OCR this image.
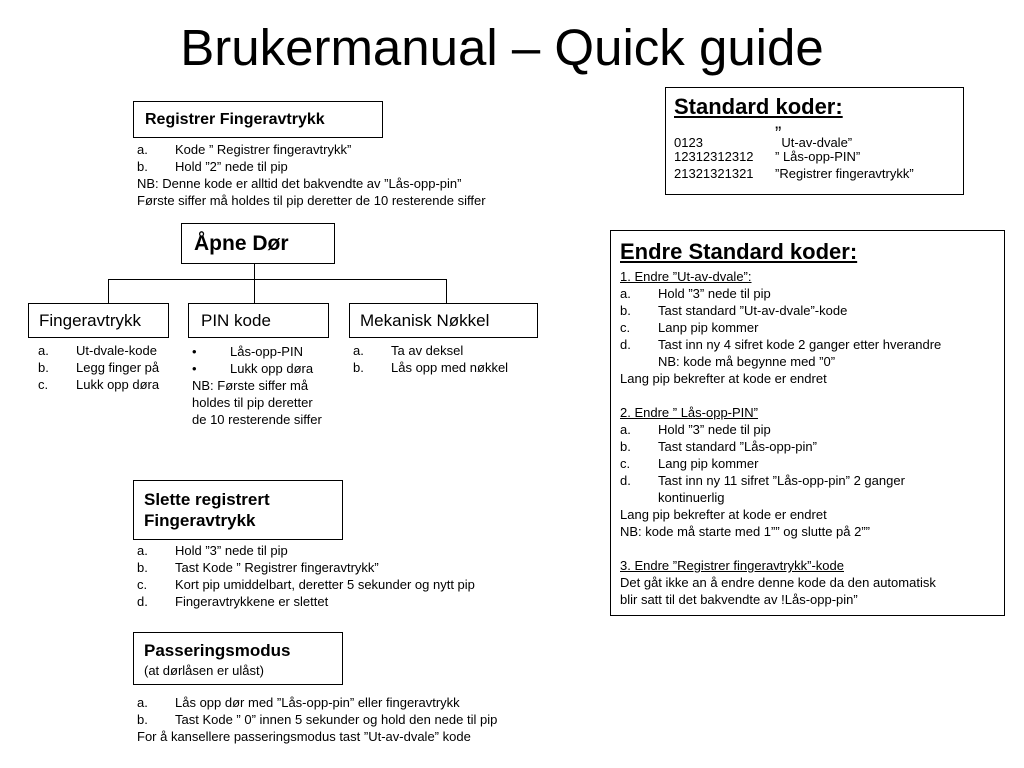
Brukermanual – Quick guide
Registrer Fingeravtrykk
a.	Kode ” Registrer fingeravtrykk”
b.	Hold ”2” nede til pip
NB: Denne kode er alltid det bakvendte av ”Lås-opp-pin”
Første siffer må holdes til pip deretter de 10 resterende siffer
Åpne Dør
Fingeravtrykk	PIN kode	Mekanisk Nøkkel
a.	Ut-dvale-kode
b.	Legg finger på
c.	Lukk opp døra
•	Lås-opp-PIN
•	Lukk opp døra
NB: Første siffer må
holdes til pip deretter
de 10 resterende siffer
a.	Ta av deksel
b.	Lås opp med nøkkel
Slette registrert
Fingeravtrykk
a.	Hold ”3” nede til pip
b.	Tast Kode ” Registrer fingeravtrykk”
c.	Kort pip umiddelbart, deretter 5 sekunder og nytt pip
d.	Fingeravtrykkene er slettet
Passeringsmodus
(at dørlåsen er ulåst)
a.	Lås opp dør med ”Lås-opp-pin” eller fingeravtrykk
b.	Tast Kode ” 0” innen 5 sekunder og hold den nede til pip
For å kansellere passeringsmodus tast ”Ut-av-dvale” kode
Standard koder:
0123	” Ut-av-dvale”
12312312312	” Lås-opp-PIN”
21321321321	”Registrer fingeravtrykk”
Endre Standard koder:
1. Endre ”Ut-av-dvale”:
a.	Hold ”3” nede til pip
b.	Tast standard ”Ut-av-dvale”-kode
c.	Lanp pip kommer
d.	Tast inn ny 4 sifret kode 2 ganger etter hverandre
NB: kode må begynne med ”0”
Lang pip bekrefter at kode er endret
2. Endre ” Lås-opp-PIN”
a.	Hold ”3” nede til pip
b.	Tast standard ”Lås-opp-pin”
c.	Lang pip kommer
d.	Tast inn ny 11 sifret ”Lås-opp-pin” 2 ganger
kontinuerlig
Lang pip bekrefter at kode er endret
NB: kode må starte med 1”” og slutte på 2””
3. Endre ”Registrer fingeravtrykk”-kode
Det gåt ikke an å endre denne kode da den automatisk
blir satt til det bakvendte av !Lås-opp-pin”
